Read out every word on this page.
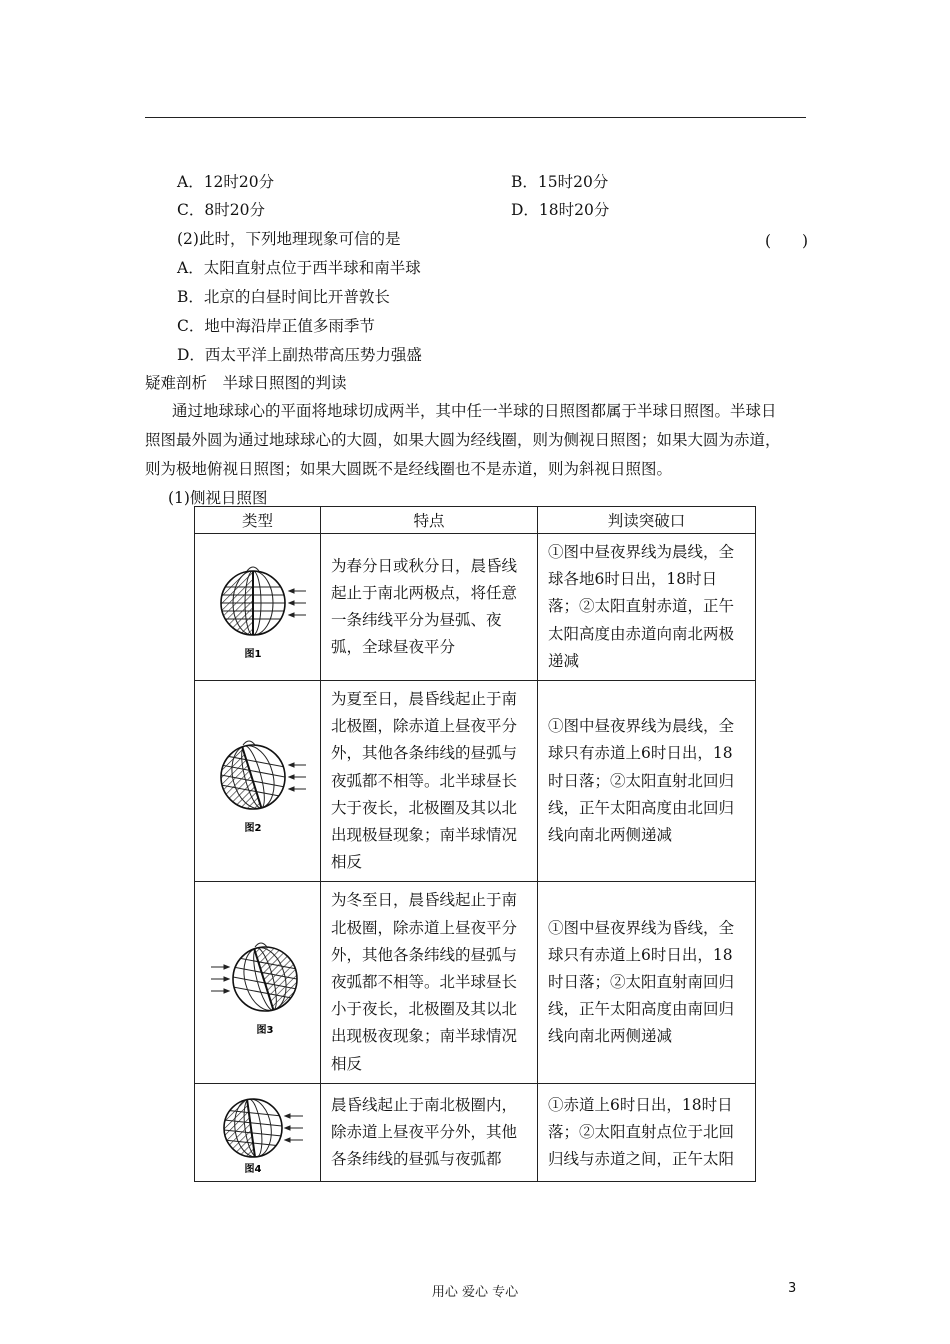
A．12时20分	B．15时20分
C．8时20分	D．18时20分
(2)此时，下列地理现象可信的是	(　　)
A．太阳直射点位于西半球和南半球
B．北京的白昼时间比开普敦长
C．地中海沿岸正值多雨季节
D．西太平洋上副热带高压势力强盛
疑难剖析　半球日照图的判读
通过地球球心的平面将地球切成两半，其中任一半球的日照图都属于半球日照图。半球日照图最外圆为通过地球球心的大圆，如果大圆为经线圈，则为侧视日照图；如果大圆为赤道，则为极地俯视日照图；如果大圆既不是经线圈也不是赤道，则为斜视日照图。
(1)侧视日照图
类型	特点	判读突破口

图1	为春分日或秋分日，晨昏线起止于南北两极点，将任意一条纬线平分为昼弧、夜弧，全球昼夜平分	①图中昼夜界线为晨线，全球各地6时日出，18时日落；②太阳直射赤道，正午太阳高度由赤道向南北两极递减

图2	为夏至日，晨昏线起止于南北极圈，除赤道上昼夜平分外，其他各条纬线的昼弧与夜弧都不相等。北半球昼长大于夜长，北极圈及其以北出现极昼现象；南半球情况相反	①图中昼夜界线为晨线，全球只有赤道上6时日出，18时日落；②太阳直射北回归线，正午太阳高度由北回归线向南北两侧递减

图3	为冬至日，晨昏线起止于南北极圈，除赤道上昼夜平分外，其他各条纬线的昼弧与夜弧都不相等。北半球昼长小于夜长，北极圈及其以北出现极夜现象；南半球情况相反	①图中昼夜界线为昏线，全球只有赤道上6时日出，18时日落；②太阳直射南回归线，正午太阳高度由南回归线向南北两侧递减

图4	晨昏线起止于南北极圈内，除赤道上昼夜平分外，其他各条纬线的昼弧与夜弧都	①赤道上6时日出，18时日落；②太阳直射点位于北回归线与赤道之间，正午太阳
用心 爱心 专心	3
